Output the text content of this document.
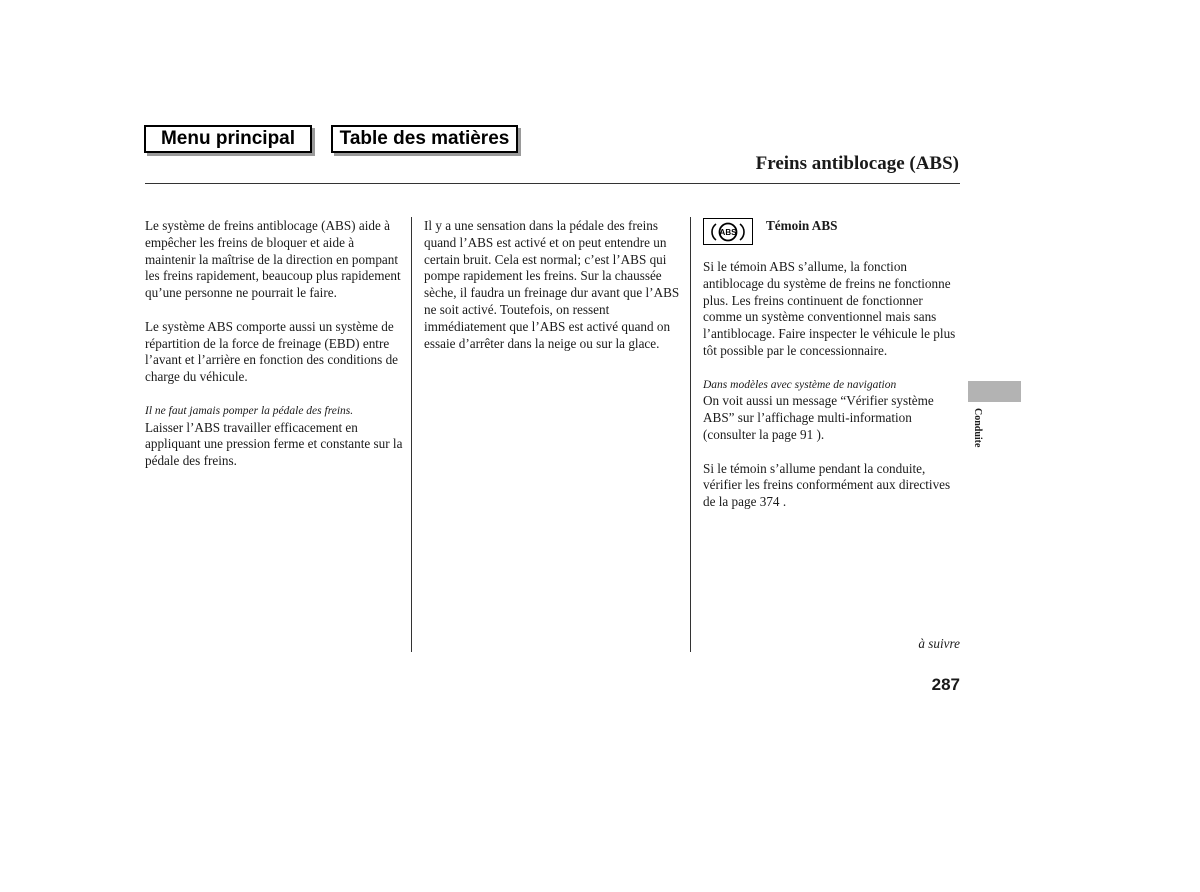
Menu principal	Table des matières
Freins antiblocage (ABS)

Le système de freins antiblocage (ABS) aide à empêcher les freins de bloquer et aide à maintenir la maîtrise de la direction en pompant les freins rapidement, beaucoup plus rapidement qu’une personne ne pourrait le faire.

Le système ABS comporte aussi un système de répartition de la force de freinage (EBD) entre l’avant et l’arrière en fonction des conditions de charge du véhicule.

Il ne faut jamais pomper la pédale des freins.
Laisser l’ABS travailler efficacement en appliquant une pression ferme et constante sur la pédale des freins.

Il y a une sensation dans la pédale des freins quand l’ABS est activé et on peut entendre un certain bruit. Cela est normal; c’est l’ABS qui pompe rapidement les freins. Sur la chaussée sèche, il faudra un freinage dur avant que l’ABS ne soit activé. Toutefois, on ressent immédiatement que l’ABS est activé quand on essaie d’arrêter dans la neige ou sur la glace.

ABS Témoin ABS

Si le témoin ABS s’allume, la fonction antiblocage du système de freins ne fonctionne plus. Les freins continuent de fonctionner comme un système conventionnel mais sans l’antiblocage. Faire inspecter le véhicule le plus tôt possible par le concessionnaire.

Dans modèles avec système de navigation
On voit aussi un message “Vérifier système ABS” sur l’affichage multi-information (consulter la page 91 ).

Si le témoin s’allume pendant la conduite, vérifier les freins conformément aux directives de la page 374 .

Conduite
à suivre
287
